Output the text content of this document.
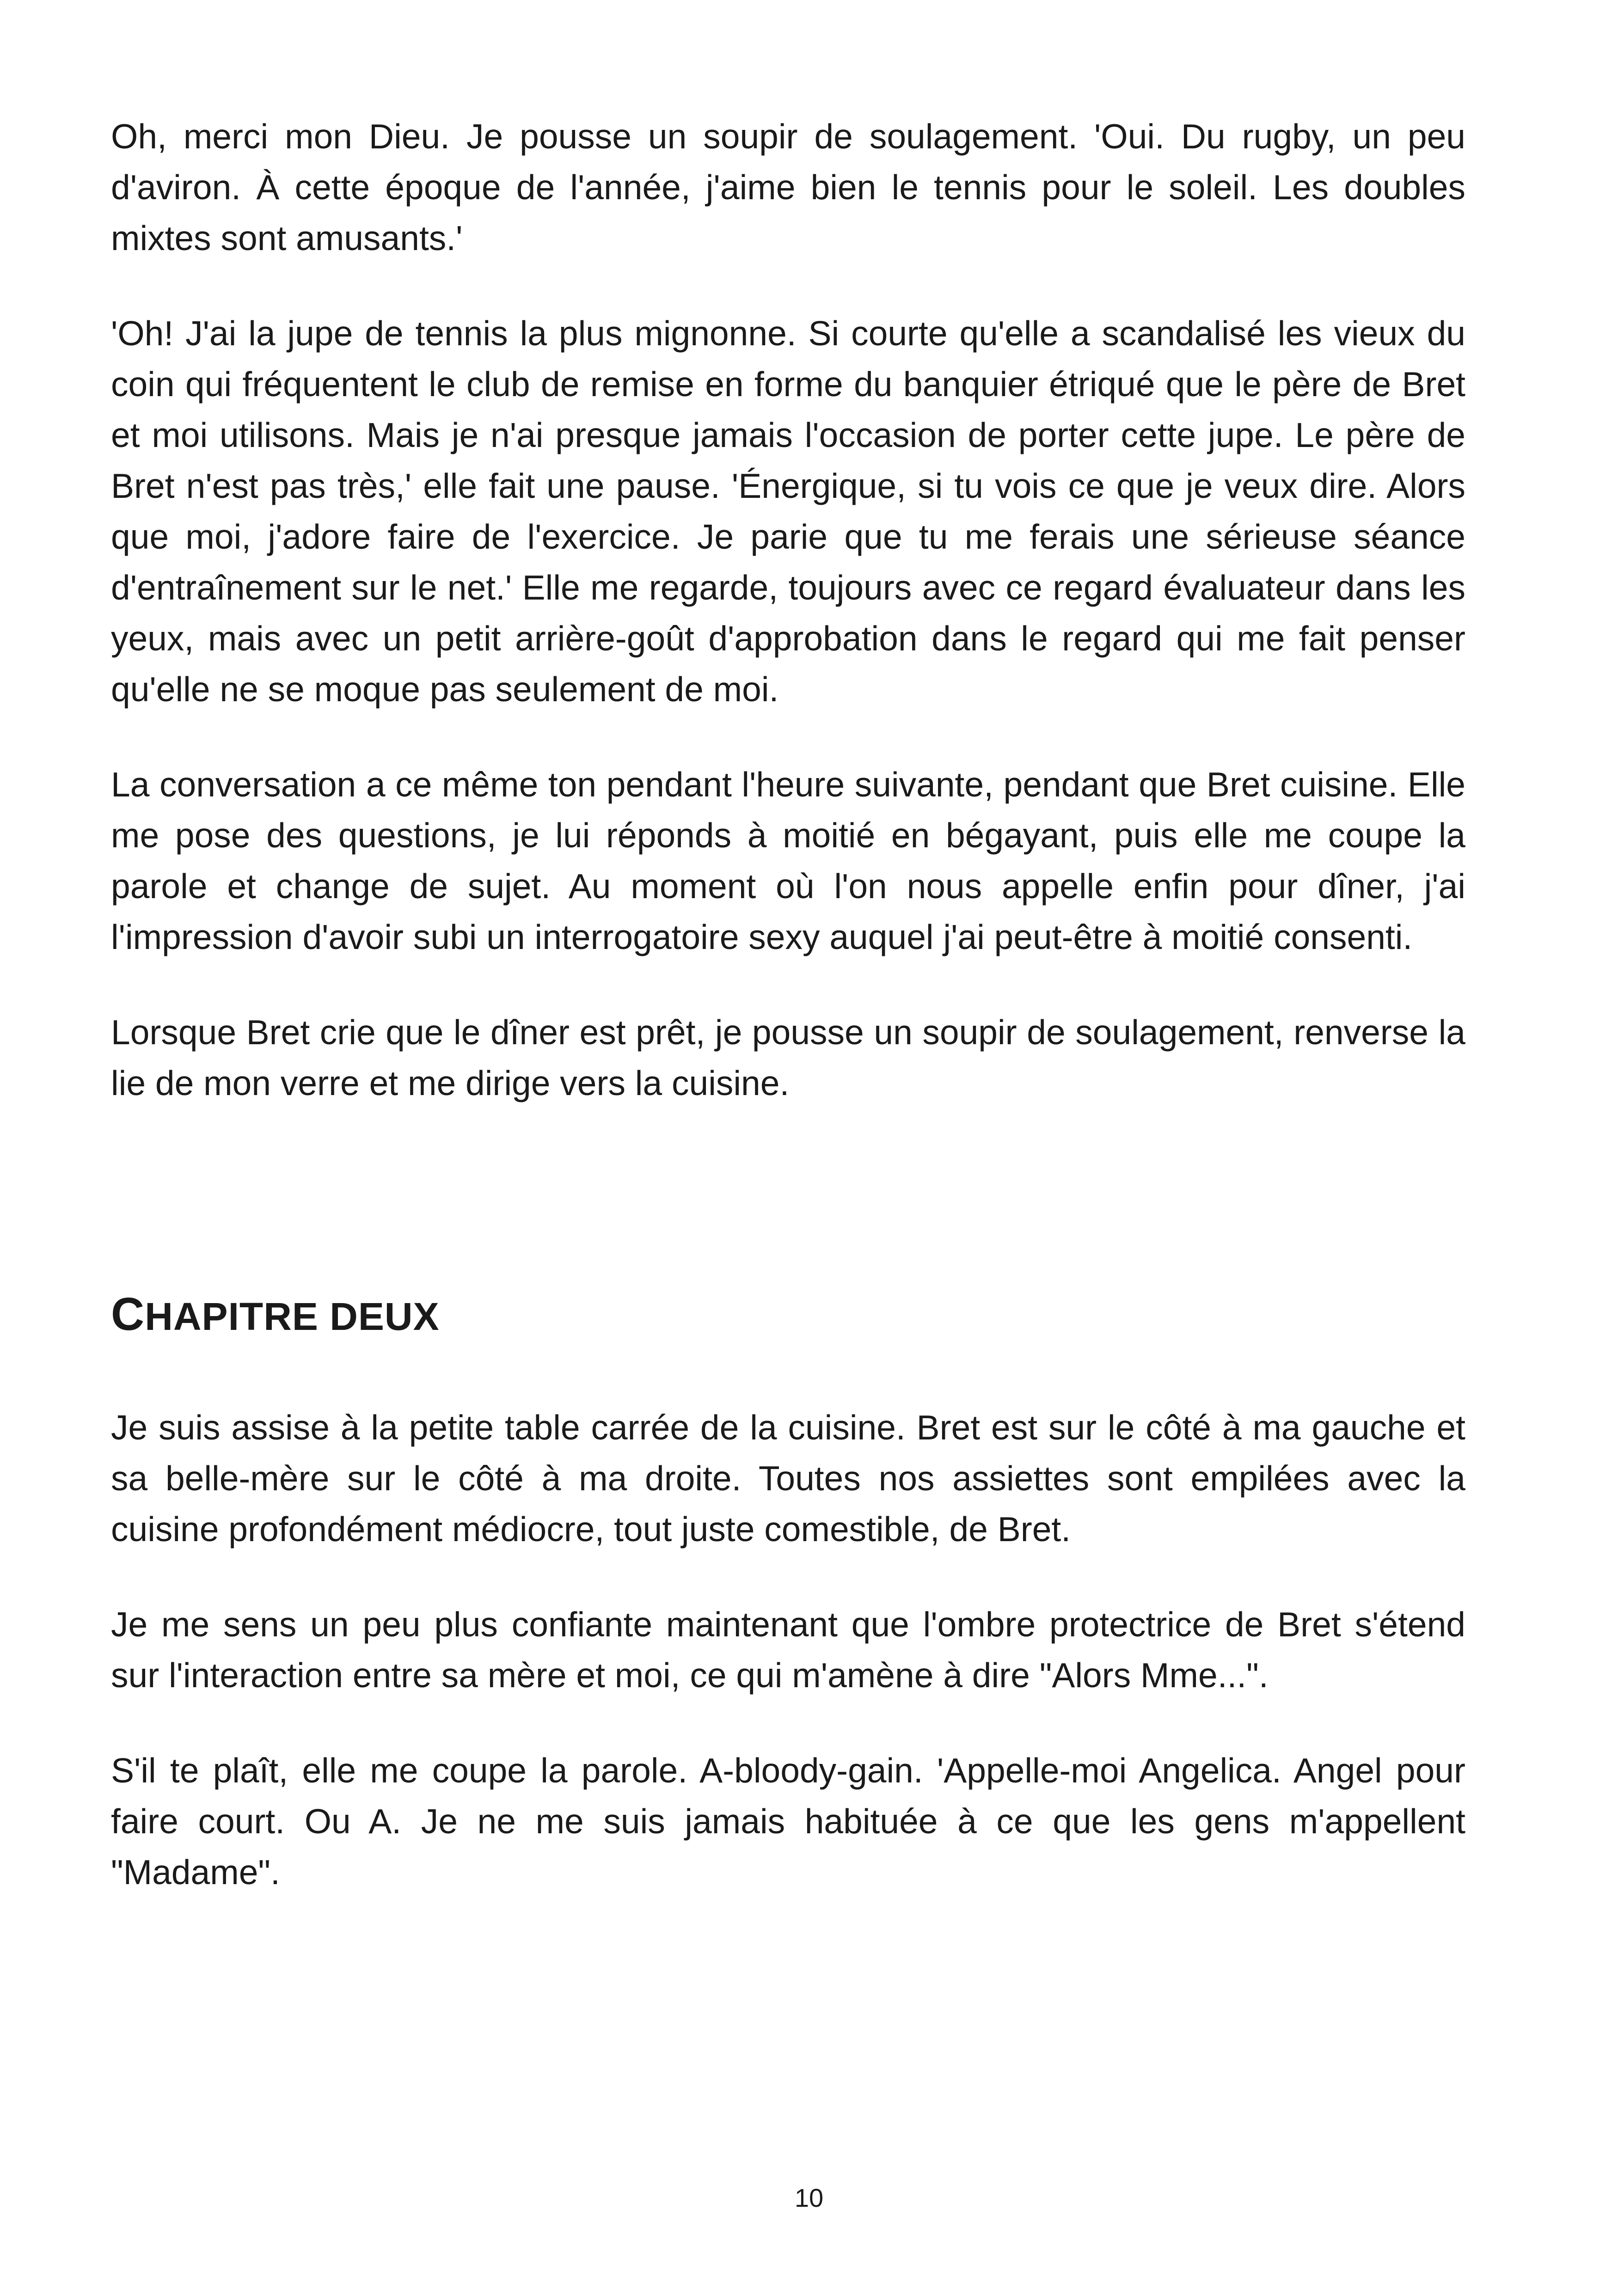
Oh, merci mon Dieu. Je pousse un soupir de soulagement. 'Oui. Du rugby, un peu d'aviron. À cette époque de l'année, j'aime bien le tennis pour le soleil. Les doubles mixtes sont amusants.'

'Oh! J'ai la jupe de tennis la plus mignonne. Si courte qu'elle a scandalisé les vieux du coin qui fréquentent le club de remise en forme du banquier étriqué que le père de Bret et moi utilisons. Mais je n'ai presque jamais l'occasion de porter cette jupe. Le père de Bret n'est pas très,' elle fait une pause. 'Énergique, si tu vois ce que je veux dire. Alors que moi, j'adore faire de l'exercice. Je parie que tu me ferais une sérieuse séance d'entraînement sur le net.' Elle me regarde, toujours avec ce regard évaluateur dans les yeux, mais avec un petit arrière-goût d'approbation dans le regard qui me fait penser qu'elle ne se moque pas seulement de moi.

La conversation a ce même ton pendant l'heure suivante, pendant que Bret cuisine. Elle me pose des questions, je lui réponds à moitié en bégayant, puis elle me coupe la parole et change de sujet. Au moment où l'on nous appelle enfin pour dîner, j'ai l'impression d'avoir subi un interrogatoire sexy auquel j'ai peut-être à moitié consenti.

Lorsque Bret crie que le dîner est prêt, je pousse un soupir de soulagement, renverse la lie de mon verre et me dirige vers la cuisine.

CHAPITRE DEUX

Je suis assise à la petite table carrée de la cuisine. Bret est sur le côté à ma gauche et sa belle-mère sur le côté à ma droite. Toutes nos assiettes sont empilées avec la cuisine profondément médiocre, tout juste comestible, de Bret.

Je me sens un peu plus confiante maintenant que l'ombre protectrice de Bret s'étend sur l'interaction entre sa mère et moi, ce qui m'amène à dire "Alors Mme...".

S'il te plaît, elle me coupe la parole. A-bloody-gain. 'Appelle-moi Angelica. Angel pour faire court. Ou A. Je ne me suis jamais habituée à ce que les gens m'appellent "Madame".

10
